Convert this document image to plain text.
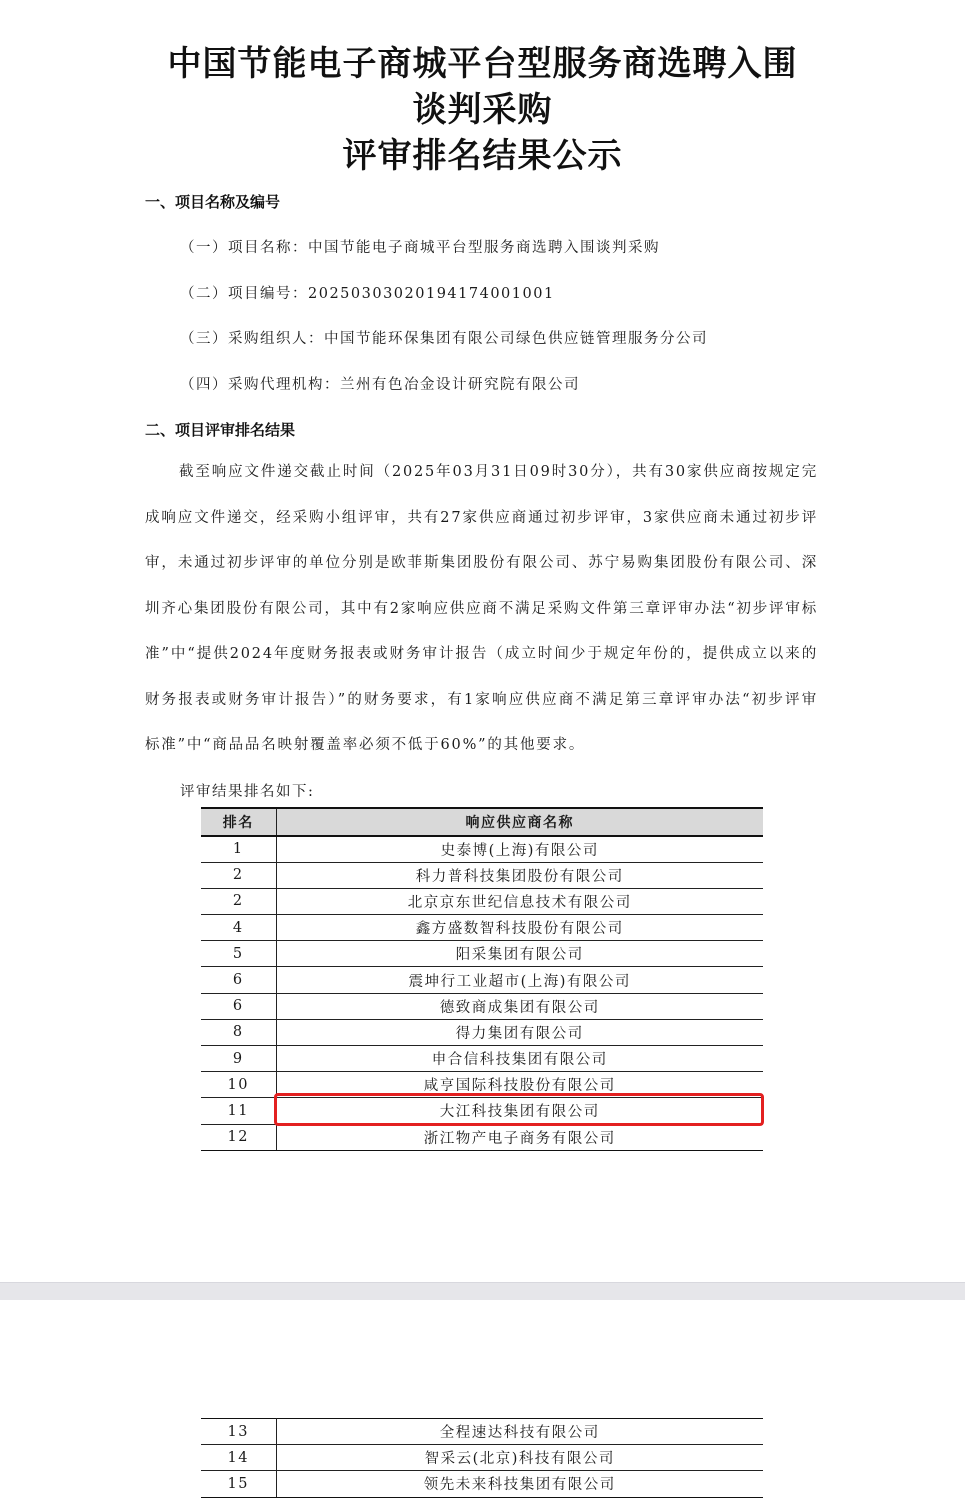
中国节能电子商城平台型服务商选聘入围
谈判采购
评审排名结果公示
一、项目名称及编号
（一）项目名称：中国节能电子商城平台型服务商选聘入围谈判采购
（二）项目编号：20250303020194174001001
（三）采购组织人：中国节能环保集团有限公司绿色供应链管理服务分公司
（四）采购代理机构：兰州有色冶金设计研究院有限公司
二、项目评审排名结果
截至响应文件递交截止时间（2025年03月31日09时30分），共有30家供应商按规定完成响应文件递交，经采购小组评审，共有27家供应商通过初步评审，3家供应商未通过初步评审，未通过初步评审的单位分别是欧菲斯集团股份有限公司、苏宁易购集团股份有限公司、深圳齐心集团股份有限公司，其中有2家响应供应商不满足采购文件第三章评审办法“初步评审标准”中“提供2024年度财务报表或财务审计报告（成立时间少于规定年份的，提供成立以来的财务报表或财务审计报告）”的财务要求，有1家响应供应商不满足第三章评审办法“初步评审标准”中“商品品名映射覆盖率必须不低于60%”的其他要求。
评审结果排名如下:
排名	响应供应商名称
1	史泰博(上海)有限公司
2	科力普科技集团股份有限公司
2	北京京东世纪信息技术有限公司
4	鑫方盛数智科技股份有限公司
5	阳采集团有限公司
6	震坤行工业超市(上海)有限公司
6	德致商成集团有限公司
8	得力集团有限公司
9	申合信科技集团有限公司
10	咸亨国际科技股份有限公司
11	大江科技集团有限公司
12	浙江物产电子商务有限公司
13	全程速达科技有限公司
14	智采云(北京)科技有限公司
15	领先未来科技集团有限公司
